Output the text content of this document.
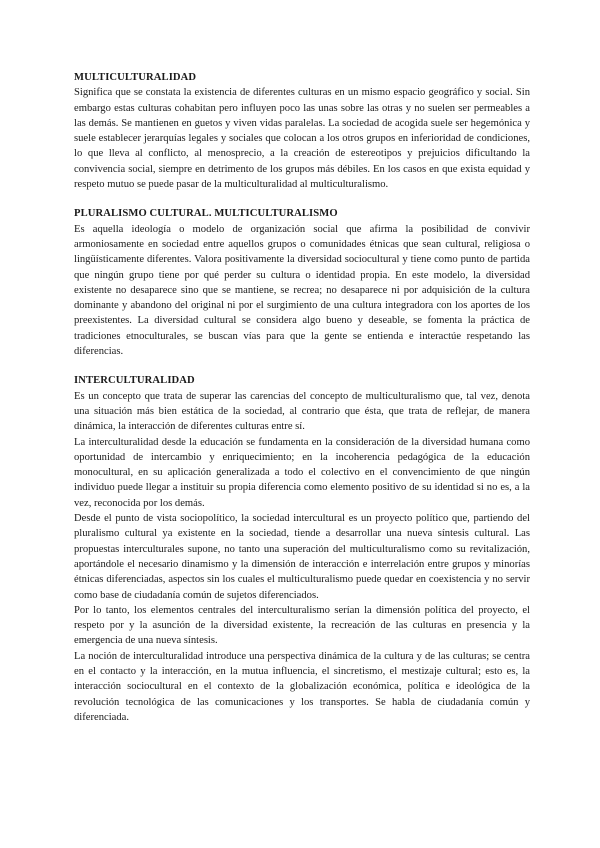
MULTICULTURALIDAD

Significa que se constata la existencia de diferentes culturas en un mismo espacio geográfico y social. Sin embargo estas culturas cohabitan pero influyen poco las unas sobre las otras y no suelen ser permeables a las demás. Se mantienen en guetos y viven vidas paralelas. La sociedad de acogida suele ser hegemónica y suele establecer jerarquías legales y sociales que colocan a los otros grupos en inferioridad de condiciones, lo que lleva al conflicto, al menosprecio, a la creación de estereotipos y prejuicios dificultando la convivencia social, siempre en detrimento de los grupos más débiles. En los casos en que exista equidad y respeto mutuo se puede pasar de la multiculturalidad al multiculturalismo.

PLURALISMO CULTURAL. MULTICULTURALISMO

Es aquella ideología o modelo de organización social que afirma la posibilidad de convivir armoniosamente en sociedad entre aquellos grupos o comunidades étnicas que sean cultural, religiosa o lingüísticamente diferentes. Valora positivamente la diversidad sociocultural y tiene como punto de partida que ningún grupo tiene por qué perder su cultura o identidad propia. En este modelo, la diversidad existente no desaparece sino que se mantiene, se recrea; no desaparece ni por adquisición de la cultura dominante y abandono del original ni por el surgimiento de una cultura integradora con los aportes de los preexistentes. La diversidad cultural se considera algo bueno y deseable, se fomenta la práctica de tradiciones etnoculturales, se buscan vías para que la gente se entienda e interactúe respetando las diferencias.

INTERCULTURALIDAD

Es un concepto que trata de superar las carencias del concepto de multiculturalismo que, tal vez, denota una situación más bien estática de la sociedad, al contrario que ésta, que trata de reflejar, de manera dinámica, la interacción de diferentes culturas entre sí.

La interculturalidad desde la educación se fundamenta en la consideración de la diversidad humana como oportunidad de intercambio y enriquecimiento; en la incoherencia pedagógica de la educación monocultural, en su aplicación generalizada a todo el colectivo en el convencimiento de que ningún individuo puede llegar a instituir su propia diferencia como elemento positivo de su identidad si no es, a la vez, reconocida por los demás.

Desde el punto de vista sociopolítico, la sociedad intercultural es un proyecto político que, partiendo del pluralismo cultural ya existente en la sociedad, tiende a desarrollar una nueva síntesis cultural. Las propuestas interculturales supone, no tanto una superación del multiculturalismo como su revitalización, aportándole el necesario dinamismo y la dimensión de interacción e interrelación entre grupos y minorías étnicas diferenciadas, aspectos sin los cuales el multiculturalismo puede quedar en coexistencia y no servir como base de ciudadanía común de sujetos diferenciados.

Por lo tanto, los elementos centrales del interculturalismo serían la dimensión política del proyecto, el respeto por y la asunción de la diversidad existente, la recreación de las culturas en presencia y la emergencia de una nueva síntesis.

La noción de interculturalidad introduce una perspectiva dinámica de la cultura y de las culturas; se centra en el contacto y la interacción, en la mutua influencia, el sincretismo, el mestizaje cultural; esto es, la interacción sociocultural en el contexto de la globalización económica, política e ideológica de la revolución tecnológica de las comunicaciones y los transportes. Se habla de ciudadanía común y diferenciada.
